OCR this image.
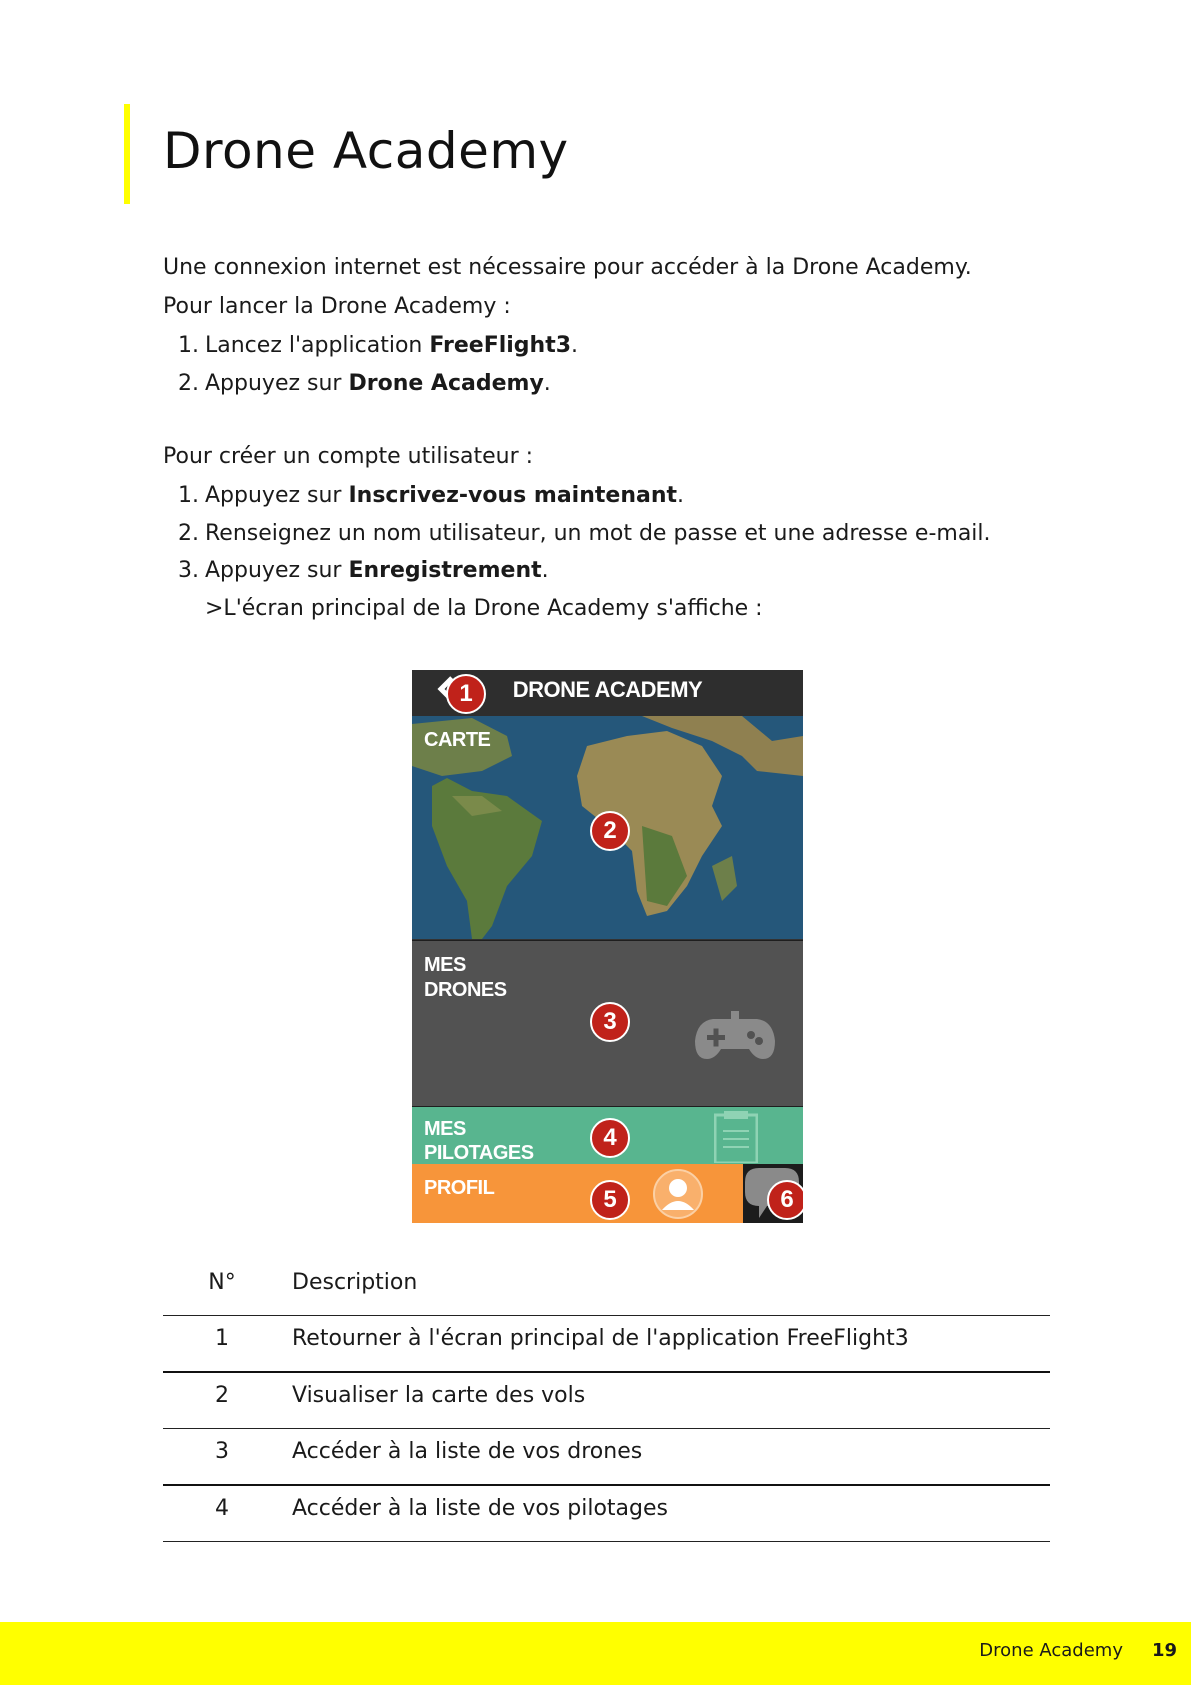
Drone Academy

Une connexion internet est nécessaire pour accéder à la Drone Academy.

Pour lancer la Drone Academy :

1. Lancez l'application FreeFlight3.
2. Appuyez sur Drone Academy.

Pour créer un compte utilisateur :

1. Appuyez sur Inscrivez-vous maintenant.
2. Renseignez un nom utilisateur, un mot de passe et une adresse e-mail.
3. Appuyez sur Enregistrement.
>L'écran principal de la Drone Academy s'affiche :
DRONE ACADEMY
CARTE
MES
DRONES
MES
PILOTAGES
PROFIL
1
2
3
4
5	6
N°	Description
1	Retourner à l'écran principal de l'application FreeFlight3
2	Visualiser la carte des vols
3	Accéder à la liste de vos drones
4	Accéder à la liste de vos pilotages
Drone Academy 19
